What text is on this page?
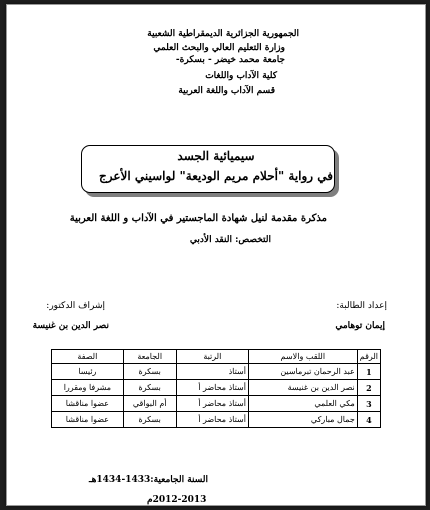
الجمهورية الجزائرية الديمقراطية الشعبية
وزارة التعليم العالي والبحث العلمي
جامعة محمد خيضر - بسكرة-
كلية الآداب واللغات
قسم الآداب واللغة العربية
سيميائية الجسد
في رواية "أحلام مريم الوديعة" لواسيني الأعرج
مذكرة مقدمة لنيل شهادة الماجستير في الآداب و اللغة العربية
التخصص: النقد الأدبي
إعداد الطالبة:
إشراف الدكتور:
إيمان توهامي
نصر الدين بن غنيسة
الرقم	اللقب والاسم	الرتبة	الجامعة	الصفة
1	عبد الرحمان تبرماسين	أستاذ	بسكرة	رئيسا
2	نصر الدين بن غنيسة	أستاذ محاضر أ	بسكرة	مشرفا ومقررا
3	مكي العلمي	أستاذ محاضر أ	أم البواقي	عضوا مناقشا
4	جمال مباركي	أستاذ محاضر أ	بسكرة	عضوا مناقشا
السنة الجامعية:1433-1434هـ
2012-2013م
